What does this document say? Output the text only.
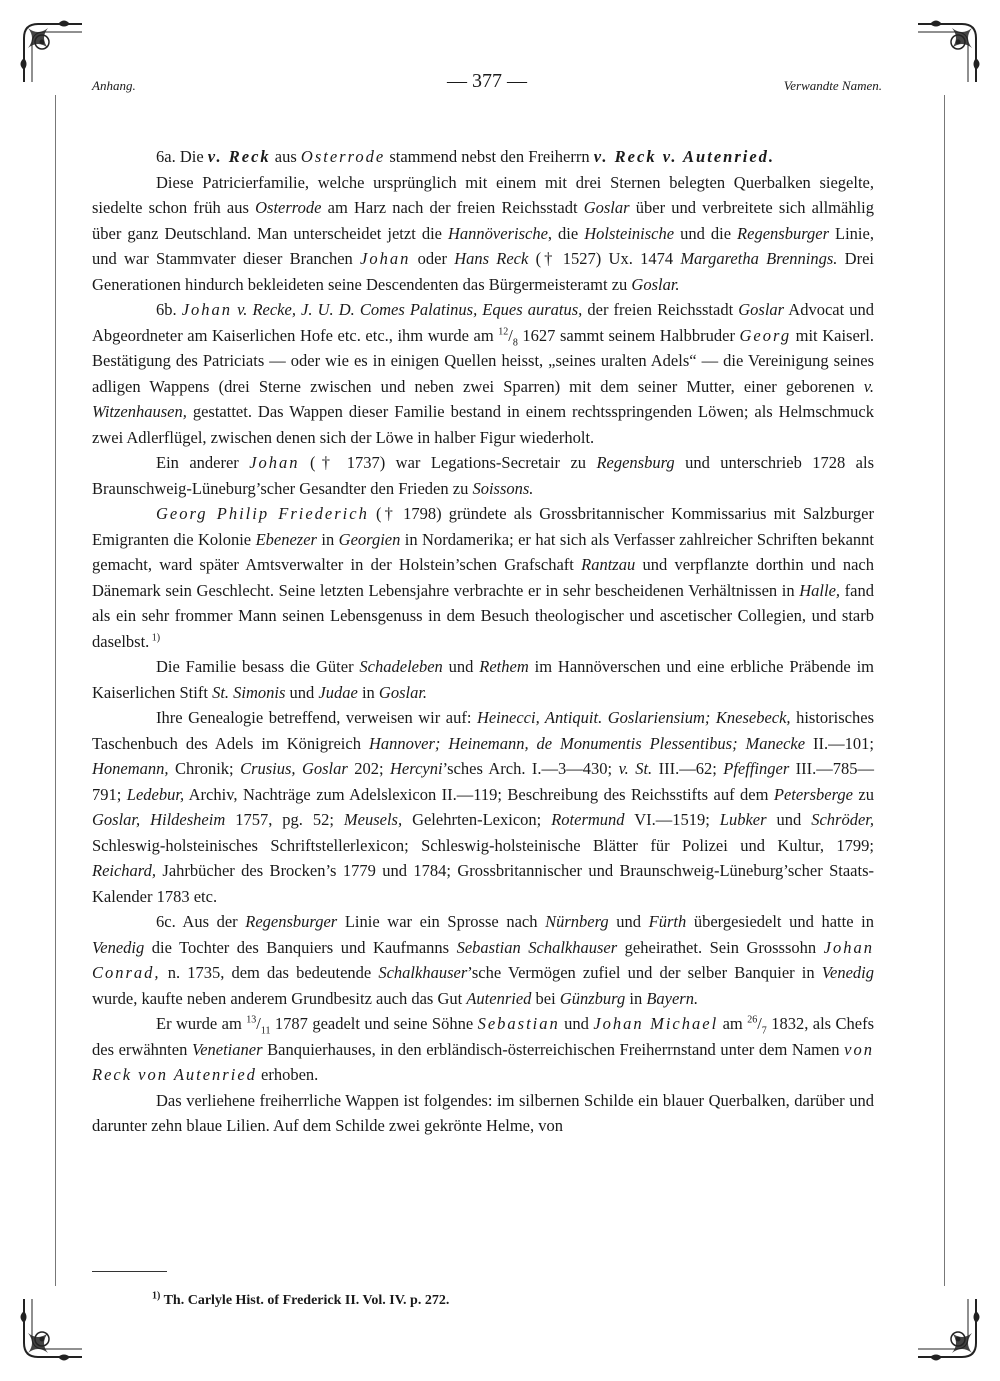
Anhang.	— 377 —	Verwandte Namen.

6a. Die v. Reck aus Osterrode stammend nebst den Freiherrn v. Reck v. Autenried.

Diese Patricierfamilie, welche ursprünglich mit einem mit drei Sternen belegten Querbalken siegelte, siedelte schon früh aus Osterrode am Harz nach der freien Reichsstadt Goslar über und verbreitete sich allmählig über ganz Deutschland. Man unterscheidet jetzt die Hannöverische, die Holsteinische und die Regensburger Linie, und war Stammvater dieser Branchen Johan oder Hans Reck († 1527) Ux. 1474 Margaretha Brennings. Drei Generationen hindurch bekleideten seine Descendenten das Bürgermeisteramt zu Goslar.

6b. Johan v. Recke, J. U. D. Comes Palatinus, Eques auratus, der freien Reichsstadt Goslar Advocat und Abgeordneter am Kaiserlichen Hofe etc. etc., ihm wurde am $^{12}/_8$ 1627 sammt seinem Halbbruder Georg mit Kaiserl. Bestätigung des Patriciats — oder wie es in einigen Quellen heisst, „seines uralten Adels“ — die Vereinigung seines adligen Wappens (drei Sterne zwischen und neben zwei Sparren) mit dem seiner Mutter, einer geborenen v. Witzenhausen, gestattet. Das Wappen dieser Familie bestand in einem rechtsspringenden Löwen; als Helmschmuck zwei Adlerflügel, zwischen denen sich der Löwe in halber Figur wiederholt.

Ein anderer Johan († 1737) war Legations-Secretair zu Regensburg und unterschrieb 1728 als Braunschweig-Lüneburg’scher Gesandter den Frieden zu Soissons.

Georg Philip Friederich († 1798) gründete als Grossbritannischer Kommissarius mit Salzburger Emigranten die Kolonie Ebenezer in Georgien in Nordamerika; er hat sich als Verfasser zahlreicher Schriften bekannt gemacht, ward später Amtsverwalter in der Holstein’schen Grafschaft Rantzau und verpflanzte dorthin und nach Dänemark sein Geschlecht. Seine letzten Lebensjahre verbrachte er in sehr bescheidenen Verhältnissen in Halle, fand als ein sehr frommer Mann seinen Lebensgenuss in dem Besuch theologischer und ascetischer Collegien, und starb daselbst. $^{1)}$

Die Familie besass die Güter Schadeleben und Rethem im Hannöverschen und eine erbliche Präbende im Kaiserlichen Stift St. Simonis und Judae in Goslar.

Ihre Genealogie betreffend, verweisen wir auf: Heinecci, Antiquit. Goslariensium; Knesebeck, historisches Taschenbuch des Adels im Königreich Hannover; Heinemann, de Monumentis Plessentibus; Manecke II.—101; Honemann, Chronik; Crusius, Goslar 202; Hercyni’sches Arch. I.—3—430; v. St. III.—62; Pfeffinger III.—785—791; Ledebur, Archiv, Nachträge zum Adelslexicon II.—119; Beschreibung des Reichsstifts auf dem Petersberge zu Goslar, Hildesheim 1757, pg. 52; Meusels, Gelehrten-Lexicon; Rotermund VI.—1519; Lubker und Schröder, Schleswig-holsteinisches Schriftstellerlexicon; Schleswig-holsteinische Blätter für Polizei und Kultur, 1799; Reichard, Jahrbücher des Brocken’s 1779 und 1784; Grossbritannischer und Braunschweig-Lüneburg’scher Staats-Kalender 1783 etc.

6c. Aus der Regensburger Linie war ein Sprosse nach Nürnberg und Fürth übergesiedelt und hatte in Venedig die Tochter des Banquiers und Kaufmanns Sebastian Schalkhauser geheirathet. Sein Grosssohn Johan Conrad, n. 1735, dem das bedeutende Schalkhauser’sche Vermögen zufiel und der selber Banquier in Venedig wurde, kaufte neben anderem Grundbesitz auch das Gut Autenried bei Günzburg in Bayern.

Er wurde am $^{13}/_{11}$ 1787 geadelt und seine Söhne Sebastian und Johan Michael am $^{26}/_7$ 1832, als Chefs des erwähnten Venetianer Banquierhauses, in den erbländisch-österreichischen Freiherrnstand unter dem Namen von Reck von Autenried erhoben.

Das verliehene freiherrliche Wappen ist folgendes: im silbernen Schilde ein blauer Querbalken, darüber und darunter zehn blaue Lilien. Auf dem Schilde zwei gekrönte Helme, von

$^{1)}$ Th. Carlyle Hist. of Frederick II. Vol. IV. p. 272.
